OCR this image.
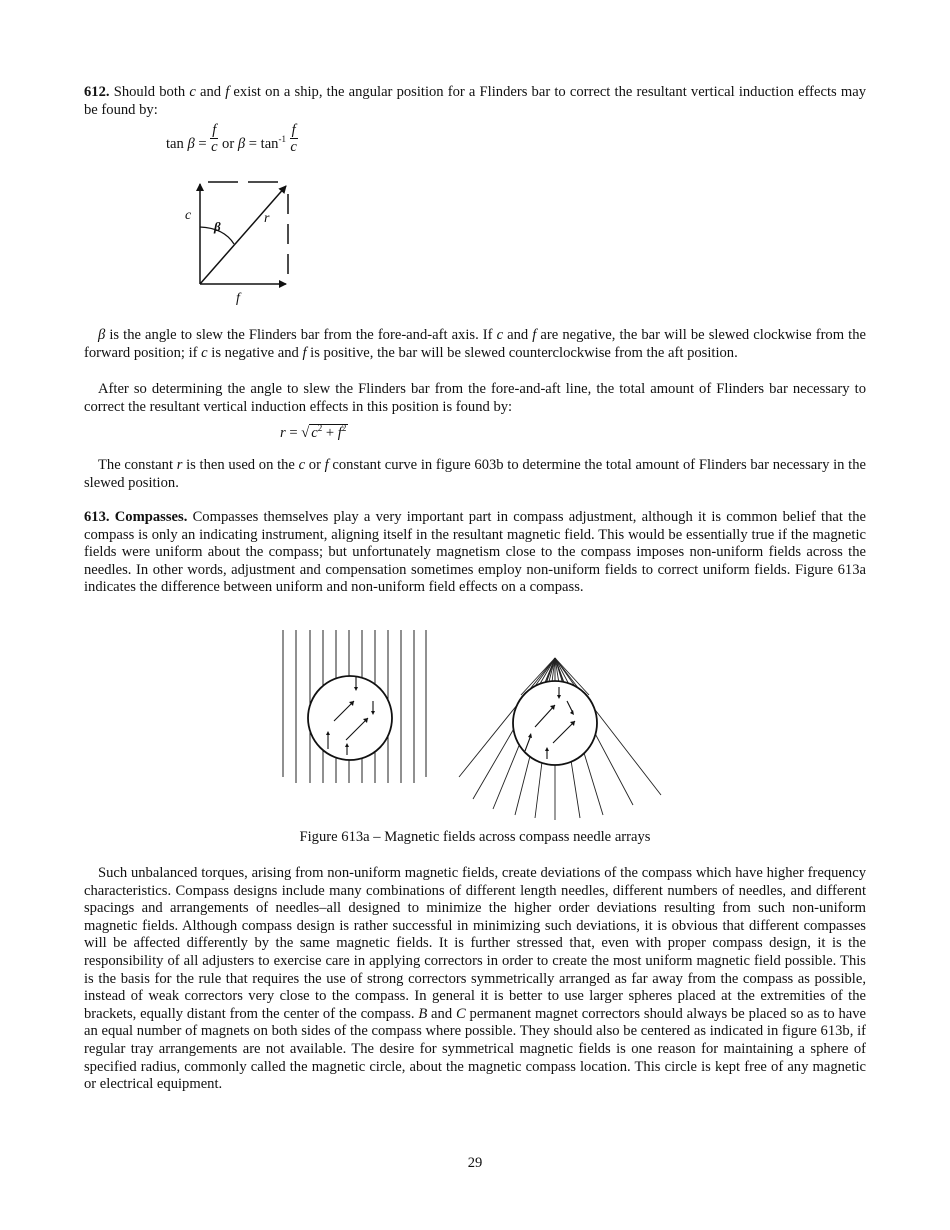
612. Should both c and f exist on a ship, the angular position for a Flinders bar to correct the resultant vertical induction effects may be found by:

$\tan \beta = \frac{f}{c}$ or $\beta = \tan^{-1} \frac{f}{c}$
c
β
r
f

β is the angle to slew the Flinders bar from the fore-and-aft axis. If c and f are negative, the bar will be slewed clockwise from the forward position; if c is negative and f is positive, the bar will be slewed counterclockwise from the aft position.

After so determining the angle to slew the Flinders bar from the fore-and-aft line, the total amount of Flinders bar necessary to correct the resultant vertical induction effects in this position is found by:

r = √ $c^2 + f^2$

The constant r is then used on the c or f constant curve in figure 603b to determine the total amount of Flinders bar necessary in the slewed position.

613. Compasses. Compasses themselves play a very important part in compass adjustment, although it is common belief that the compass is only an indicating instrument, aligning itself in the resultant magnetic field. This would be essentially true if the magnetic fields were uniform about the compass; but unfortunately magnetism close to the compass imposes non-uniform fields across the needles. In other words, adjustment and compensation sometimes employ non-uniform fields to correct uniform fields. Figure 613a indicates the difference between uniform and non-uniform field effects on a compass.

Figure 613a – Magnetic fields across compass needle arrays

Such unbalanced torques, arising from non-uniform magnetic fields, create deviations of the compass which have higher frequency characteristics. Compass designs include many combinations of different length needles, different numbers of needles, and different spacings and arrangements of needles–all designed to minimize the higher order deviations resulting from such non-uniform magnetic fields. Although compass design is rather successful in minimizing such deviations, it is obvious that different compasses will be affected differently by the same magnetic fields. It is further stressed that, even with proper compass design, it is the responsibility of all adjusters to exercise care in applying correctors in order to create the most uniform magnetic field possible. This is the basis for the rule that requires the use of strong correctors symmetrically arranged as far away from the compass as possible, instead of weak correctors very close to the compass. In general it is better to use larger spheres placed at the extremities of the brackets, equally distant from the center of the compass. B and C permanent magnet correctors should always be placed so as to have an equal number of magnets on both sides of the compass where possible. They should also be centered as indicated in figure 613b, if regular tray arrangements are not available. The desire for symmetrical magnetic fields is one reason for maintaining a sphere of specified radius, commonly called the magnetic circle, about the magnetic compass location. This circle is kept free of any magnetic or electrical equipment.

29
